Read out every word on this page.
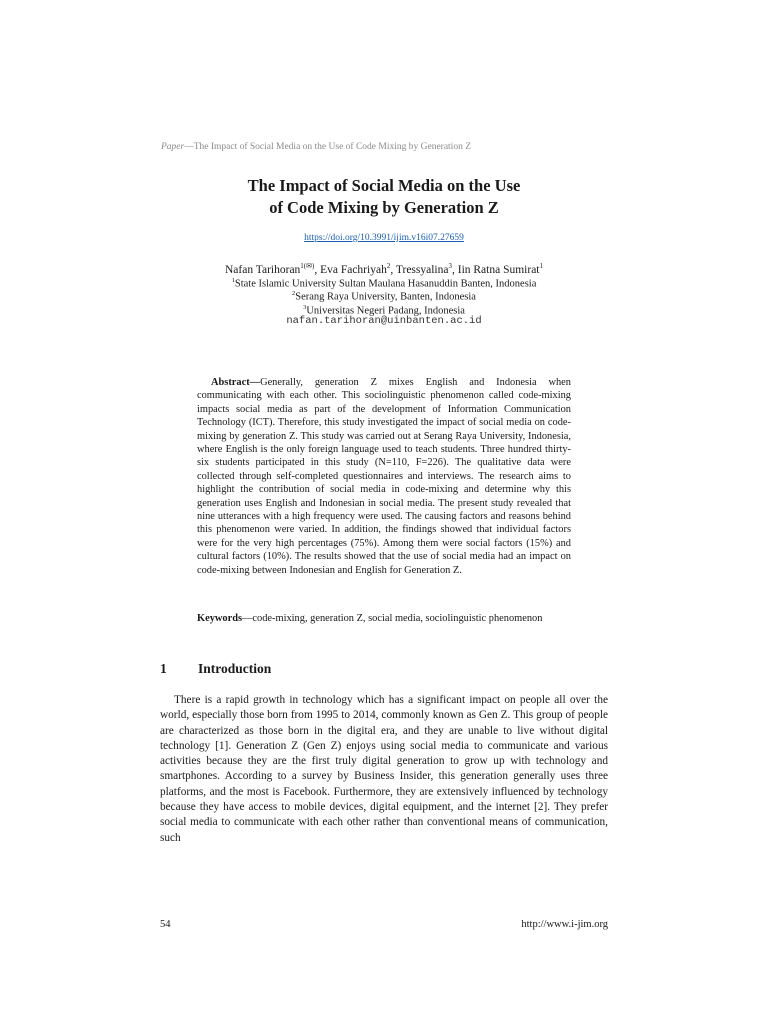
Paper—The Impact of Social Media on the Use of Code Mixing by Generation Z
The Impact of Social Media on the Use
of Code Mixing by Generation Z
https://doi.org/10.3991/ijim.v16i07.27659
Nafan Tarihoran$^{1(✉)}$, Eva Fachriyah$^2$, Tressyalina$^3$, Iin Ratna Sumirat$^1$
$^1$State Islamic University Sultan Maulana Hasanuddin Banten, Indonesia
$^2$Serang Raya University, Banten, Indonesia
$^3$Universitas Negeri Padang, Indonesia
nafan.tarihoran@uinbanten.ac.id
Abstract—Generally, generation Z mixes English and Indonesia when communicating with each other. This sociolinguistic phenomenon called code-mixing impacts social media as part of the development of Information Communication Technology (ICT). Therefore, this study investigated the impact of social media on code-mixing by generation Z. This study was carried out at Serang Raya University, Indonesia, where English is the only foreign language used to teach students. Three hundred thirty-six students participated in this study (N=110, F=226). The qualitative data were collected through self-completed questionnaires and interviews. The research aims to highlight the contribution of social media in code-mixing and determine why this generation uses English and Indonesian in social media. The present study revealed that nine utterances with a high frequency were used. The causing factors and reasons behind this phenomenon were varied. In addition, the findings showed that individual factors were for the very high percentages (75%). Among them were social factors (15%) and cultural factors (10%). The results showed that the use of social media had an impact on code-mixing between Indonesian and English for Generation Z.
Keywords—code-mixing, generation Z, social media, sociolinguistic phenomenon
1 Introduction
There is a rapid growth in technology which has a significant impact on people all over the world, especially those born from 1995 to 2014, commonly known as Gen Z. This group of people are characterized as those born in the digital era, and they are unable to live without digital technology [1]. Generation Z (Gen Z) enjoys using social media to communicate and various activities because they are the first truly digital generation to grow up with technology and smartphones. According to a survey by Business Insider, this generation generally uses three platforms, and the most is Facebook. Furthermore, they are extensively influenced by technology because they have access to mobile devices, digital equipment, and the internet [2]. They prefer social media to communicate with each other rather than conventional means of communication, such
54	http://www.i-jim.org
